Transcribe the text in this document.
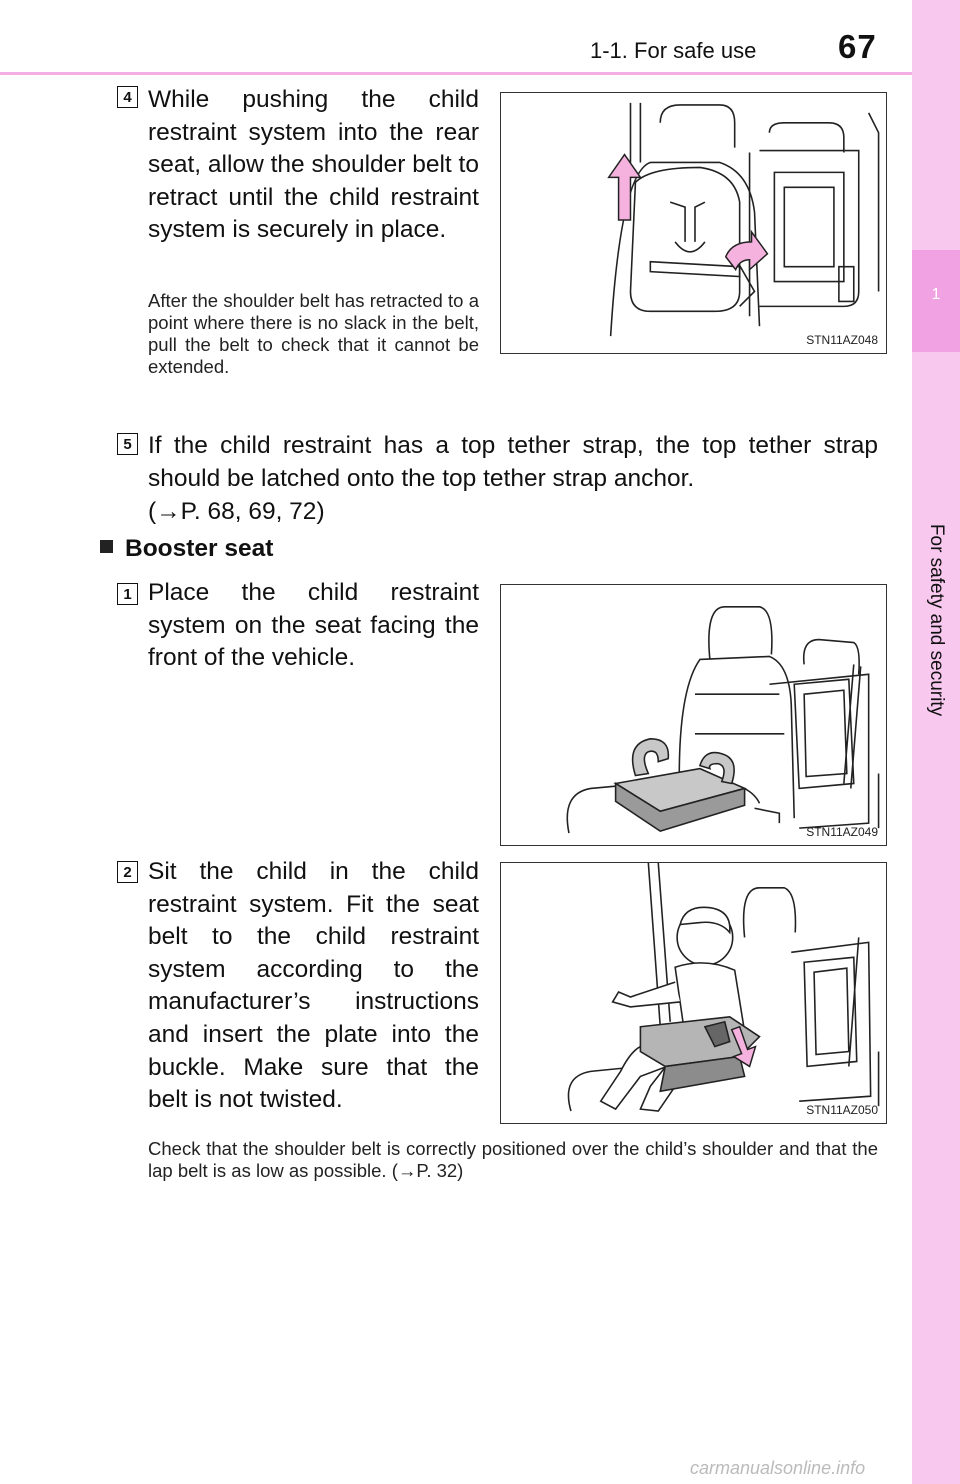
1-1. For safe use 67
1
For safety and security
4 While pushing the child restraint system into the rear seat, allow the shoulder belt to retract until the child restraint system is securely in place.
After the shoulder belt has retracted to a point where there is no slack in the belt, pull the belt to check that it cannot be extended.
STN11AZ048
5 If the child restraint has a top tether strap, the top tether strap should be latched onto the top tether strap anchor.
(→P. 68, 69, 72)
Booster seat
1 Place the child restraint system on the seat facing the front of the vehicle.
STN11AZ049
2 Sit the child in the child restraint system. Fit the seat belt to the child restraint system according to the manufacturer’s instructions and insert the plate into the buckle. Make sure that the belt is not twisted.	STN11AZ050
Check that the shoulder belt is correctly positioned over the child’s shoulder and that the lap belt is as low as possible. (→P. 32)
carmanualsonline.info
